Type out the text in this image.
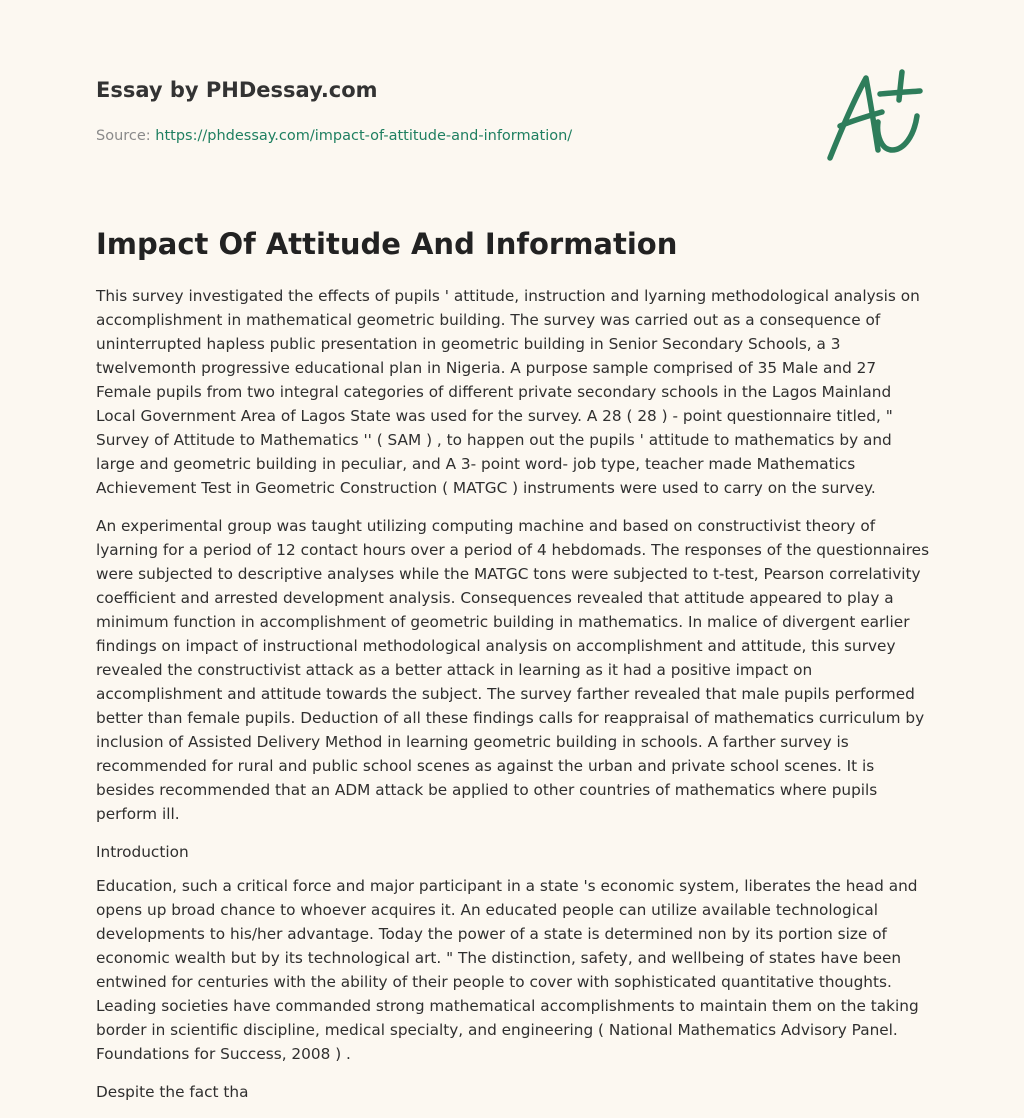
Essay by PHDessay.com

Source: https://phdessay.com/impact-of-attitude-and-information/
Impact Of Attitude And Information

This survey investigated the effects of pupils ' attitude, instruction and lyarning methodological analysis on accomplishment in mathematical geometric building. The survey was carried out as a consequence of uninterrupted hapless public presentation in geometric building in Senior Secondary Schools, a 3 twelvemonth progressive educational plan in Nigeria. A purpose sample comprised of 35 Male and 27 Female pupils from two integral categories of different private secondary schools in the Lagos Mainland Local Government Area of Lagos State was used for the survey. A 28 ( 28 ) - point questionnaire titled, " Survey of Attitude to Mathematics '' ( SAM ) , to happen out the pupils ' attitude to mathematics by and large and geometric building in peculiar, and A 3- point word- job type, teacher made Mathematics Achievement Test in Geometric Construction ( MATGC ) instruments were used to carry on the survey.

An experimental group was taught utilizing computing machine and based on constructivist theory of lyarning for a period of 12 contact hours over a period of 4 hebdomads. The responses of the questionnaires were subjected to descriptive analyses while the MATGC tons were subjected to t-test, Pearson correlativity coefficient and arrested development analysis. Consequences revealed that attitude appeared to play a minimum function in accomplishment of geometric building in mathematics. In malice of divergent earlier findings on impact of instructional methodological analysis on accomplishment and attitude, this survey revealed the constructivist attack as a better attack in learning as it had a positive impact on accomplishment and attitude towards the subject. The survey farther revealed that male pupils performed better than female pupils. Deduction of all these findings calls for reappraisal of mathematics curriculum by inclusion of Assisted Delivery Method in learning geometric building in schools. A farther survey is recommended for rural and public school scenes as against the urban and private school scenes. It is besides recommended that an ADM attack be applied to other countries of mathematics where pupils perform ill.

Introduction

Education, such a critical force and major participant in a state 's economic system, liberates the head and opens up broad chance to whoever acquires it. An educated people can utilize available technological developments to his/her advantage. Today the power of a state is determined non by its portion size of economic wealth but by its technological art. " The distinction, safety, and wellbeing of states have been entwined for centuries with the ability of their people to cover with sophisticated quantitative thoughts. Leading societies have commanded strong mathematical accomplishments to maintain them on the taking border in scientific discipline, medical specialty, and engineering ( National Mathematics Advisory Panel. Foundations for Success, 2008 ) .

Despite the fact tha
